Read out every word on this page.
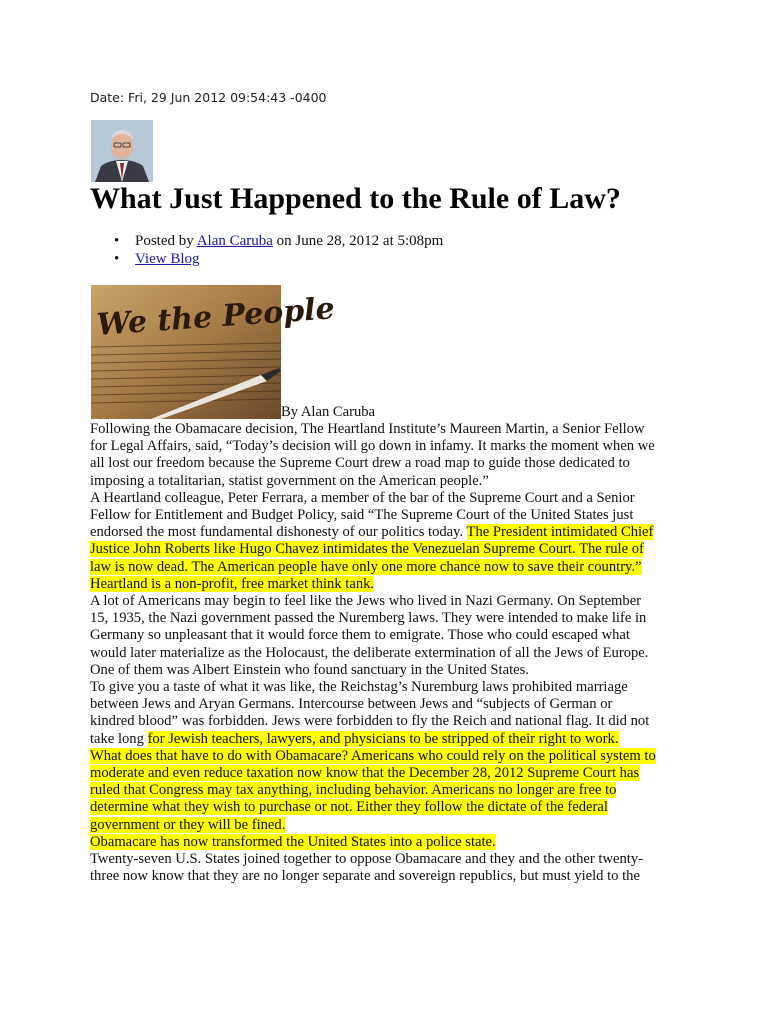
Date: Fri, 29 Jun 2012 09:54:43 -0400
What Just Happened to the Rule of Law?
• Posted by Alan Caruba on June 28, 2012 at 5:08pm
• View Blog
We the People
By Alan Caruba
Following the Obamacare decision, The Heartland Institute’s Maureen Martin, a Senior Fellow
for Legal Affairs, said, “Today’s decision will go down in infamy. It marks the moment when we
all lost our freedom because the Supreme Court drew a road map to guide those dedicated to
imposing a totalitarian, statist government on the American people.”
A Heartland colleague, Peter Ferrara, a member of the bar of the Supreme Court and a Senior
Fellow for Entitlement and Budget Policy, said “The Supreme Court of the United States just
endorsed the most fundamental dishonesty of our politics today. The President intimidated Chief
Justice John Roberts like Hugo Chavez intimidates the Venezuelan Supreme Court. The rule of
law is now dead. The American people have only one more chance now to save their country.”
Heartland is a non-profit, free market think tank.
A lot of Americans may begin to feel like the Jews who lived in Nazi Germany. On September
15, 1935, the Nazi government passed the Nuremberg laws. They were intended to make life in
Germany so unpleasant that it would force them to emigrate. Those who could escaped what
would later materialize as the Holocaust, the deliberate extermination of all the Jews of Europe.
One of them was Albert Einstein who found sanctuary in the United States.
To give you a taste of what it was like, the Reichstag’s Nuremburg laws prohibited marriage
between Jews and Aryan Germans. Intercourse between Jews and “subjects of German or
kindred blood” was forbidden. Jews were forbidden to fly the Reich and national flag. It did not
take long for Jewish teachers, lawyers, and physicians to be stripped of their right to work.
What does that have to do with Obamacare? Americans who could rely on the political system to
moderate and even reduce taxation now know that the December 28, 2012 Supreme Court has
ruled that Congress may tax anything, including behavior. Americans no longer are free to
determine what they wish to purchase or not. Either they follow the dictate of the federal
government or they will be fined.
Obamacare has now transformed the United States into a police state.
Twenty-seven U.S. States joined together to oppose Obamacare and they and the other twenty-
three now know that they are no longer separate and sovereign republics, but must yield to the
